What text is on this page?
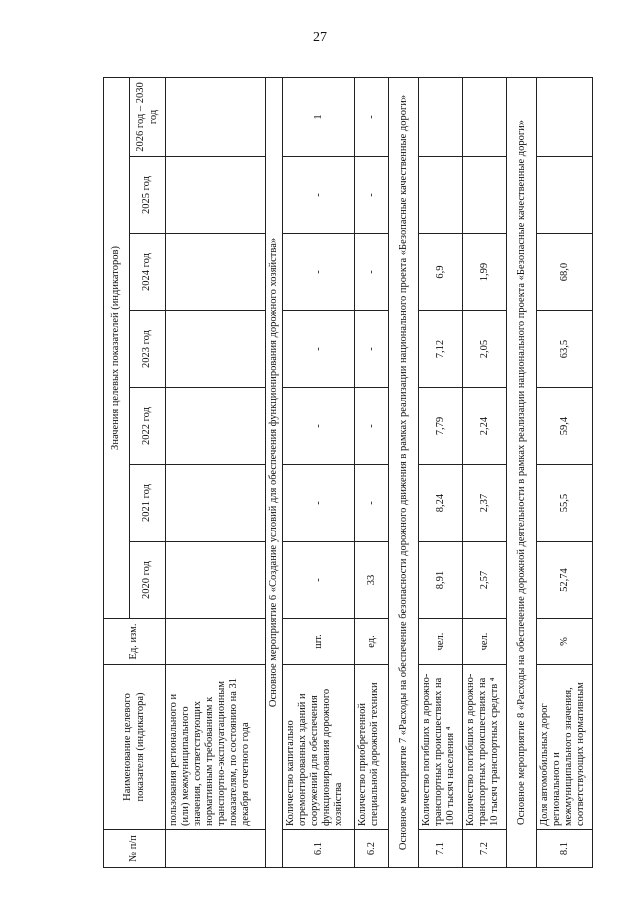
27
№ п/п	Наименование целевого показателя (индикатора)	Ед. изм.	Значения целевых показателей (индикаторов)						
			2020 год	2021 год	2022 год	2023 год	2024 год	2025 год	2026 год – 2030 год
	пользования регионального и (или) межмуниципального значения, соответствующих нормативным требованиям к транспортно-эксплуатационным показателям, по состоянию на 31 декабря отчетного года								
Основное мероприятие 6 «Создание условий для обеспечения функционирования дорожного хозяйства»									
6.1	Количество капитально отремонтированных зданий и сооружений для обеспечения функционирования дорожного хозяйства	шт.	-	-	-	-	-	-	1
6.2	Количество приобретенной специальной дорожной техники	ед.	33	-	-	-	-	-	-
Основное мероприятие 7 «Расходы на обеспечение безопасности дорожного движения в рамках реализации национального проекта «Безопасные качественные дороги»									
7.1	Количество погибших в дорожно-транспортных происшествиях на 100 тысяч населения ⁴	чел.	8,91	8,24	7,79	7,12	6,9		
7.2	Количество погибших в дорожно-транспортных происшествиях на 10 тысяч транспортных средств ⁴	чел.	2,57	2,37	2,24	2,05	1,99		
Основное мероприятие 8 «Расходы на обеспечение дорожной деятельности в рамках реализации национального проекта «Безопасные качественные дороги»									
8.1	Доля автомобильных дорог регионального и межмуниципального значения, соответствующих нормативным	%	52,74	55,5	59,4	63,5	68,0		
